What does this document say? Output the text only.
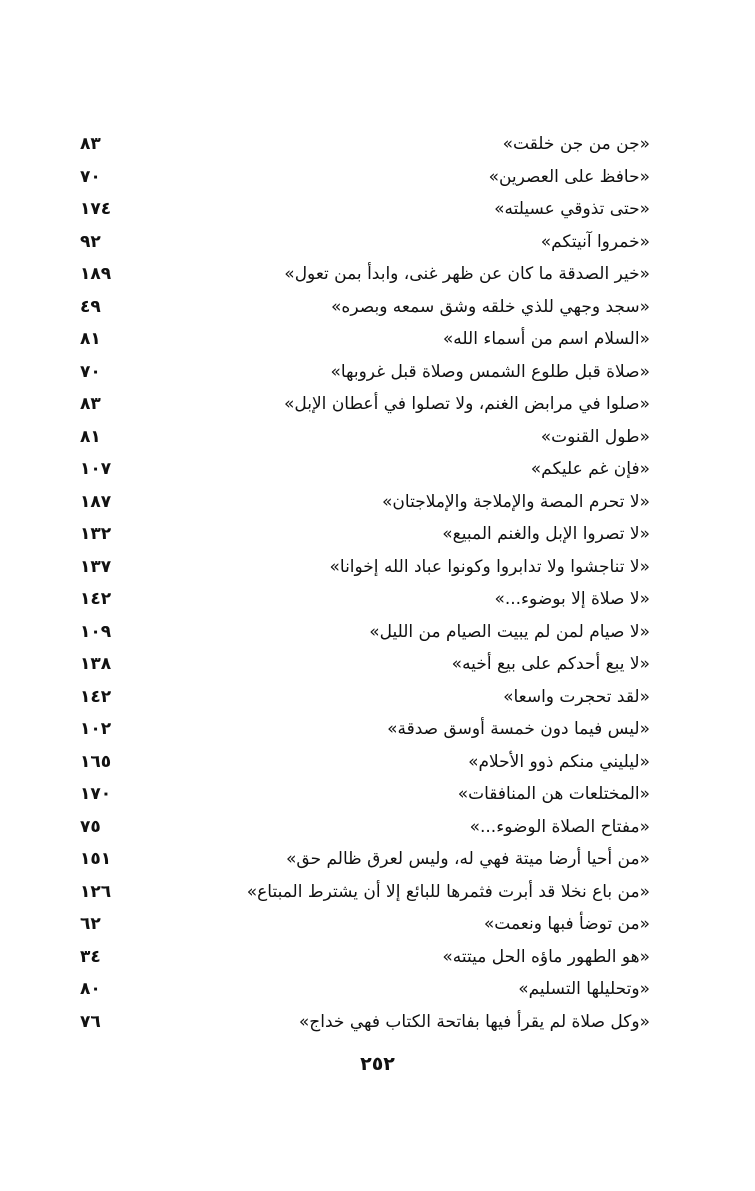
«جن من جن خلقت»
٨٣
«حافظ على العصرين»
٧٠
«حتى تذوقي عسيلته»
١٧٤
«خمروا آنيتكم»
٩٢
«خير الصدقة ما كان عن ظهر غنى، وابدأ بمن تعول»
١٨٩
«سجد وجهي للذي خلقه وشق سمعه وبصره»
٤٩
«السلام اسم من أسماء الله»
٨١
«صلاة قبل طلوع الشمس وصلاة قبل غروبها»
٧٠
«صلوا في مرابض الغنم، ولا تصلوا في أعطان الإبل»
٨٣
«طول القنوت»
٨١
«فإن غم عليكم»
١٠٧
«لا تحرم المصة والإملاجة والإملاجتان»
١٨٧
«لا تصروا الإبل والغنم المبيع»
١٣٢
«لا تناجشوا ولا تدابروا وكونوا عباد الله إخوانا»
١٣٧
«لا صلاة إلا بوضوء...»
١٤٢
«لا صيام لمن لم يبيت الصيام من الليل»
١٠٩
«لا يبع أحدكم على بيع أخيه»
١٣٨
«لقد تحجرت واسعا»
١٤٢
«ليس فيما دون خمسة أوسق صدقة»
١٠٢
«ليليني منكم ذوو الأحلام»
١٦٥
«المختلعات هن المنافقات»
١٧٠
«مفتاح الصلاة الوضوء...»
٧٥
«من أحيا أرضا ميتة فهي له، وليس لعرق ظالم حق»
١٥١
«من باع نخلا قد أبرت فثمرها للبائع إلا أن يشترط المبتاع»
١٢٦
«من توضأ فبها ونعمت»
٦٢
«هو الطهور ماؤه الحل ميتته»
٣٤
«وتحليلها التسليم»
٨٠
«وكل صلاة لم يقرأ فيها بفاتحة الكتاب فهي خداج»
٧٦
٢٥٢
